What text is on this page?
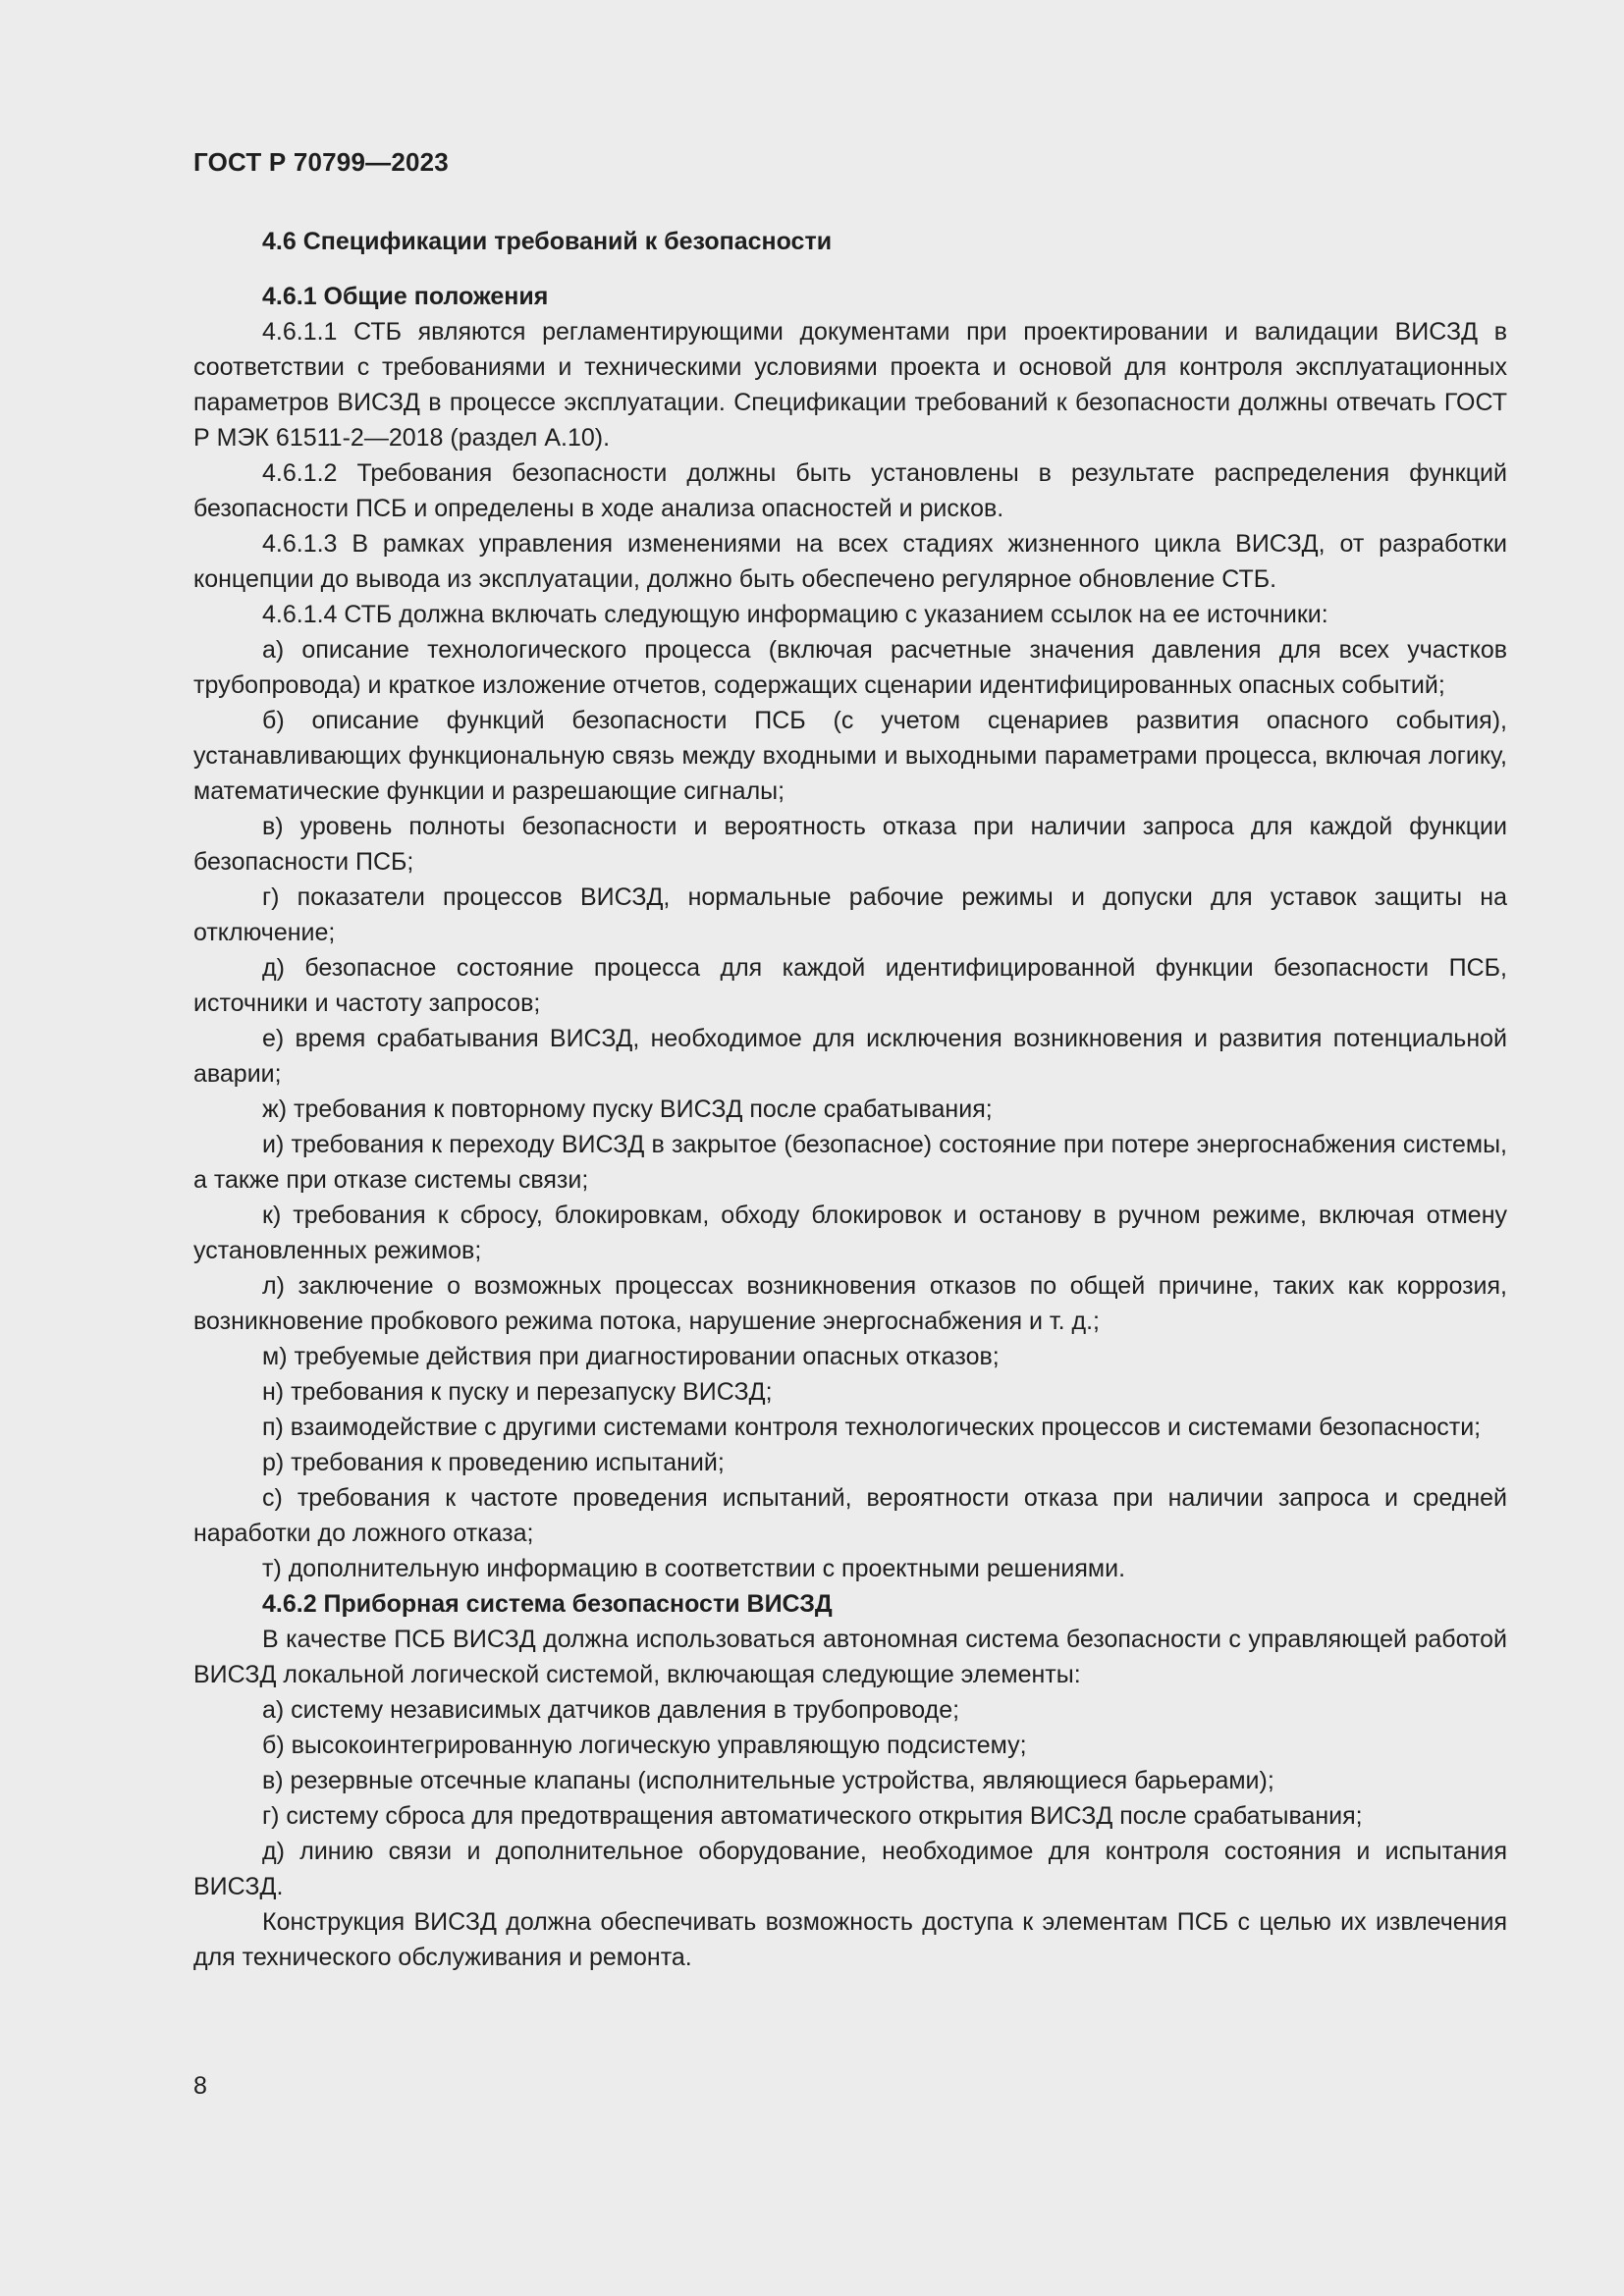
ГОСТ Р 70799—2023

4.6 Спецификации требований к безопасности

4.6.1 Общие положения

4.6.1.1 СТБ являются регламентирующими документами при проектировании и валидации ВИСЗД в соответствии с требованиями и техническими условиями проекта и основой для контроля эксплуатационных параметров ВИСЗД в процессе эксплуатации. Спецификации требований к безопасности должны отвечать ГОСТ Р МЭК 61511-2—2018 (раздел А.10).

4.6.1.2 Требования безопасности должны быть установлены в результате распределения функций безопасности ПСБ и определены в ходе анализа опасностей и рисков.

4.6.1.3 В рамках управления изменениями на всех стадиях жизненного цикла ВИСЗД, от разработки концепции до вывода из эксплуатации, должно быть обеспечено регулярное обновление СТБ.

4.6.1.4 СТБ должна включать следующую информацию с указанием ссылок на ее источники:

а) описание технологического процесса (включая расчетные значения давления для всех участков трубопровода) и краткое изложение отчетов, содержащих сценарии идентифицированных опасных событий;

б) описание функций безопасности ПСБ (с учетом сценариев развития опасного события), устанавливающих функциональную связь между входными и выходными параметрами процесса, включая логику, математические функции и разрешающие сигналы;

в) уровень полноты безопасности и вероятность отказа при наличии запроса для каждой функции безопасности ПСБ;

г) показатели процессов ВИСЗД, нормальные рабочие режимы и допуски для уставок защиты на отключение;

д) безопасное состояние процесса для каждой идентифицированной функции безопасности ПСБ, источники и частоту запросов;

е) время срабатывания ВИСЗД, необходимое для исключения возникновения и развития потенциальной аварии;

ж) требования к повторному пуску ВИСЗД после срабатывания;

и) требования к переходу ВИСЗД в закрытое (безопасное) состояние при потере энергоснабжения системы, а также при отказе системы связи;

к) требования к сбросу, блокировкам, обходу блокировок и останову в ручном режиме, включая отмену установленных режимов;

л) заключение о возможных процессах возникновения отказов по общей причине, таких как коррозия, возникновение пробкового режима потока, нарушение энергоснабжения и т. д.;

м) требуемые действия при диагностировании опасных отказов;

н) требования к пуску и перезапуску ВИСЗД;

п) взаимодействие с другими системами контроля технологических процессов и системами безопасности;

р) требования к проведению испытаний;

с) требования к частоте проведения испытаний, вероятности отказа при наличии запроса и средней наработки до ложного отказа;

т) дополнительную информацию в соответствии с проектными решениями.

4.6.2 Приборная система безопасности ВИСЗД

В качестве ПСБ ВИСЗД должна использоваться автономная система безопасности с управляющей работой ВИСЗД локальной логической системой, включающая следующие элементы:

а) систему независимых датчиков давления в трубопроводе;

б) высокоинтегрированную логическую управляющую подсистему;

в) резервные отсечные клапаны (исполнительные устройства, являющиеся барьерами);

г) систему сброса для предотвращения автоматического открытия ВИСЗД после срабатывания;

д) линию связи и дополнительное оборудование, необходимое для контроля состояния и испытания ВИСЗД.

Конструкция ВИСЗД должна обеспечивать возможность доступа к элементам ПСБ с целью их извлечения для технического обслуживания и ремонта.

8
